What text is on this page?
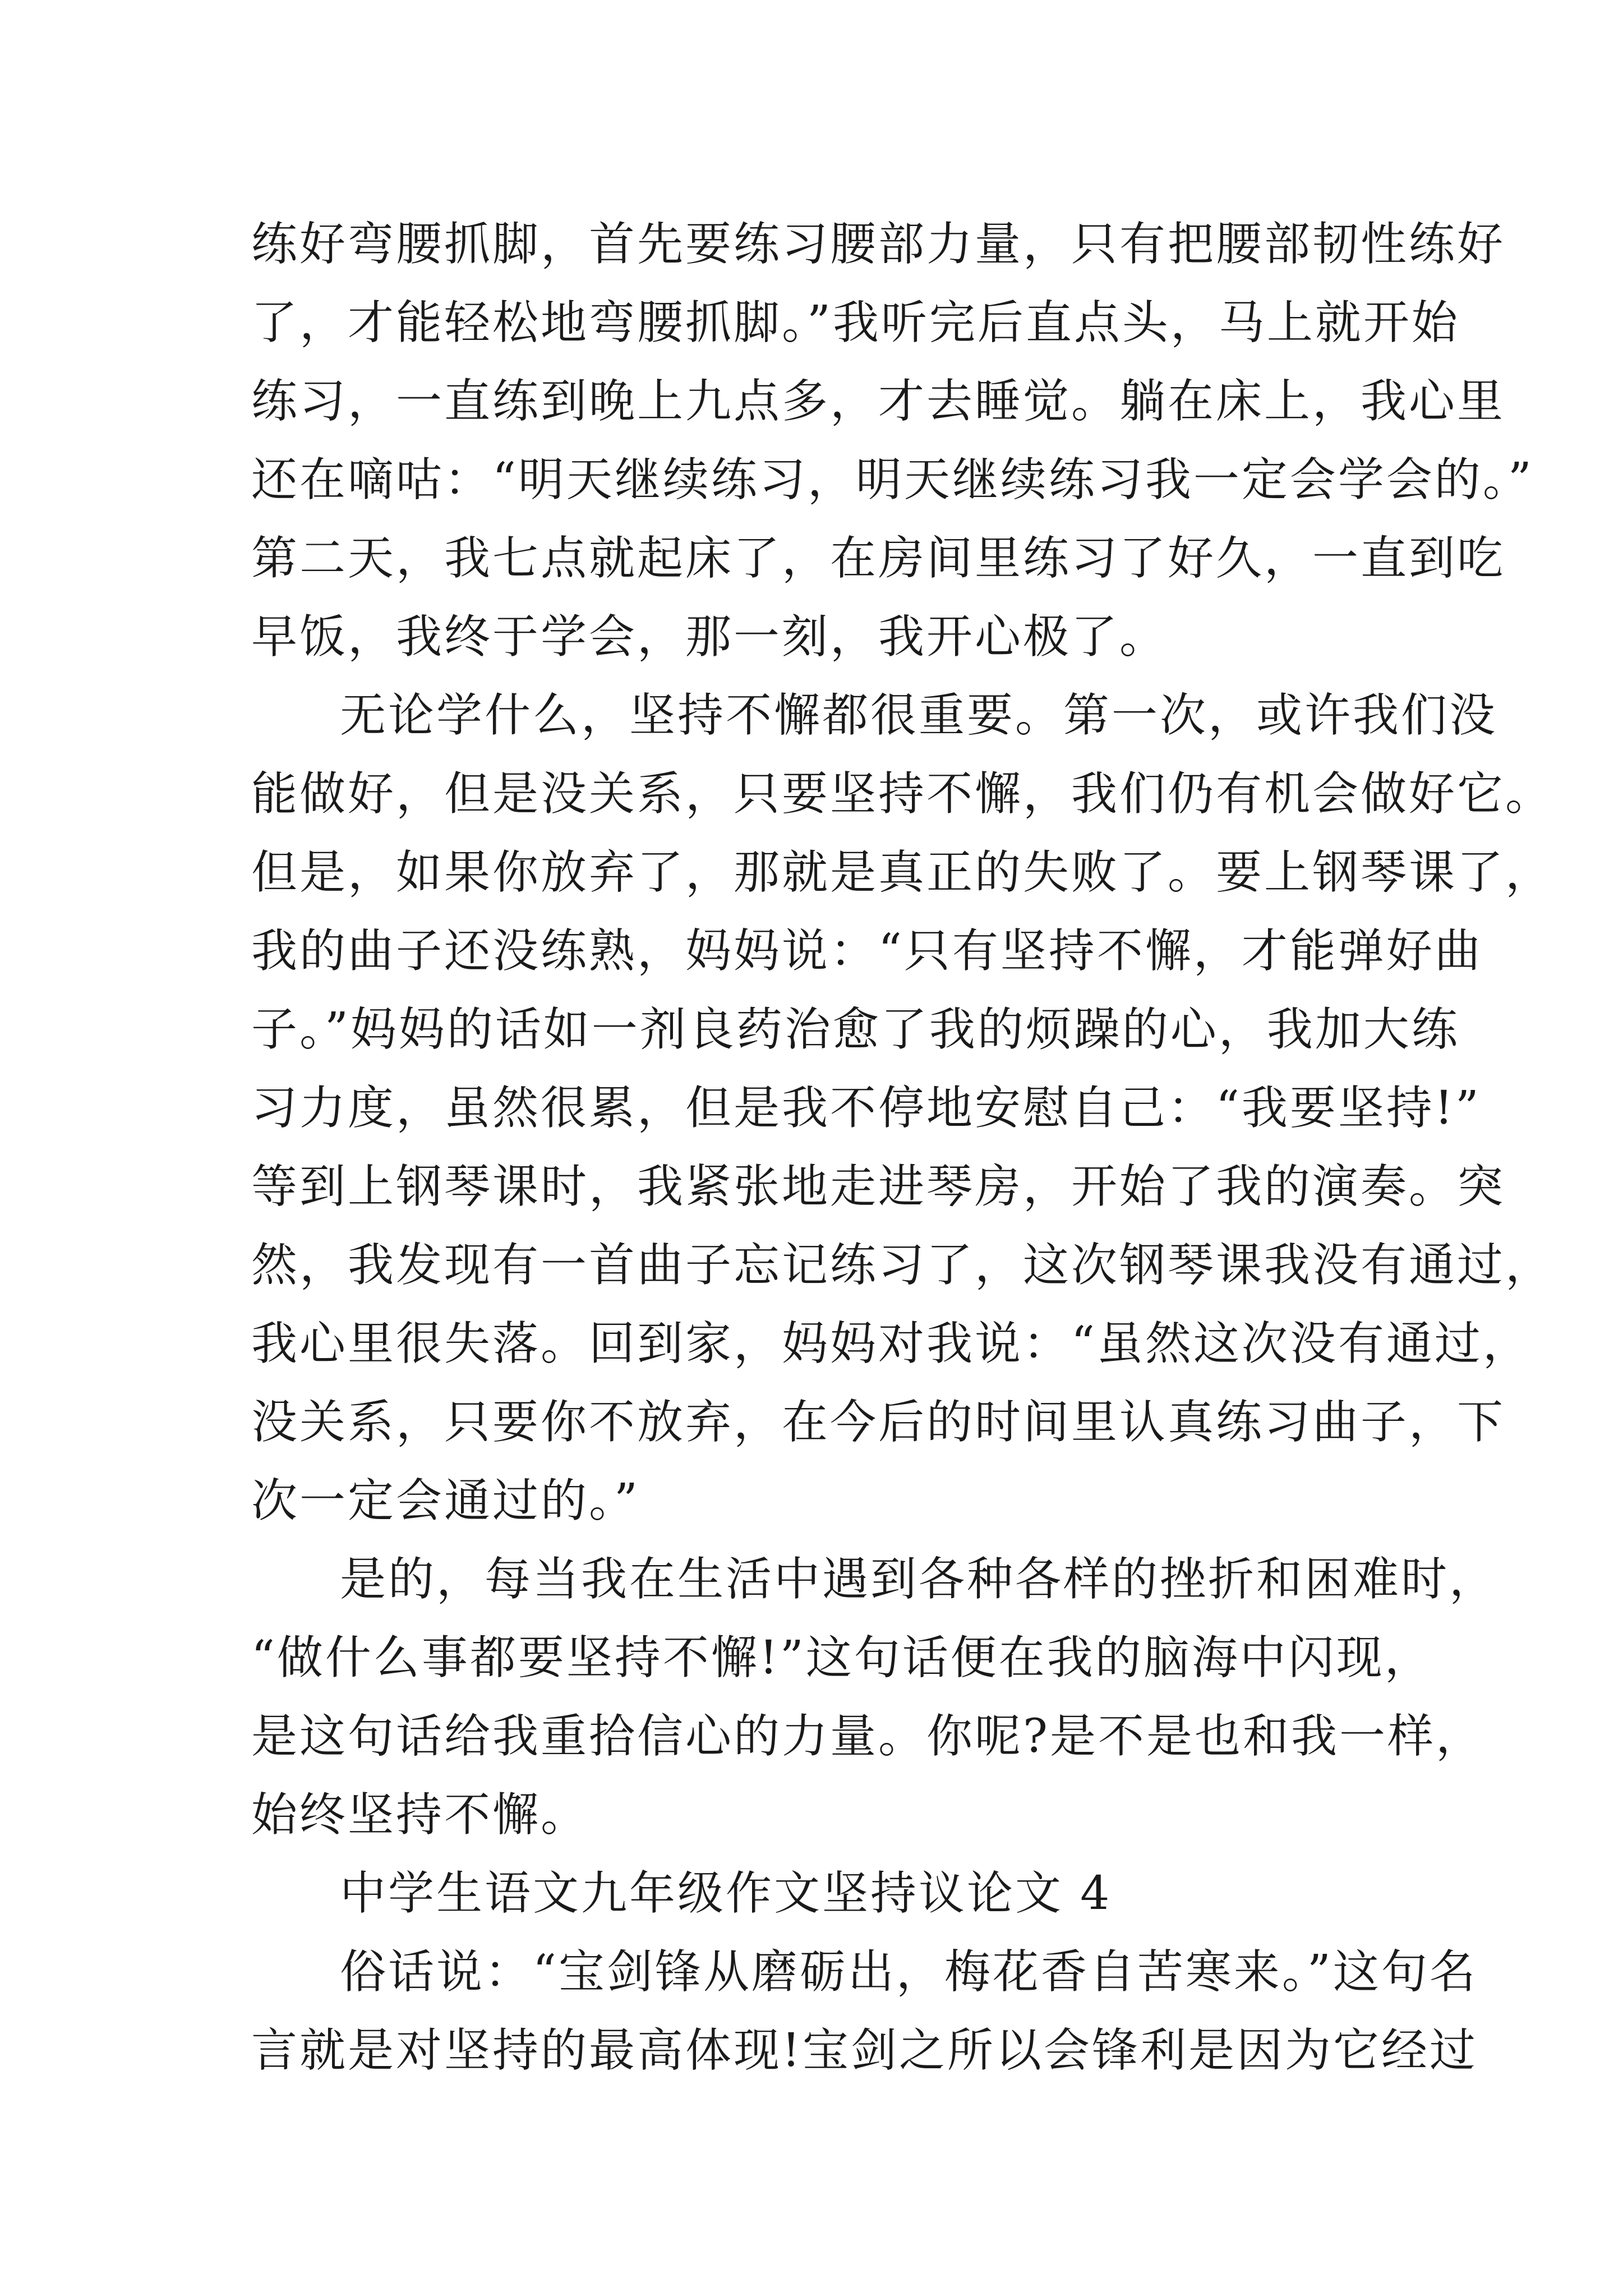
练好弯腰抓脚，首先要练习腰部力量，只有把腰部韧性练好
了，才能轻松地弯腰抓脚。”我听完后直点头，马上就开始
练习，一直练到晚上九点多，才去睡觉。躺在床上，我心里
还在嘀咕：“明天继续练习，明天继续练习我一定会学会的。”
第二天，我七点就起床了，在房间里练习了好久，一直到吃
早饭，我终于学会，那一刻，我开心极了。
无论学什么，坚持不懈都很重要。第一次，或许我们没
能做好，但是没关系，只要坚持不懈，我们仍有机会做好它。
但是，如果你放弃了，那就是真正的失败了。要上钢琴课了，
我的曲子还没练熟，妈妈说：“只有坚持不懈，才能弹好曲
子。”妈妈的话如一剂良药治愈了我的烦躁的心，我加大练
习力度，虽然很累，但是我不停地安慰自己：“我要坚持!”
等到上钢琴课时，我紧张地走进琴房，开始了我的演奏。突
然，我发现有一首曲子忘记练习了，这次钢琴课我没有通过，
我心里很失落。回到家，妈妈对我说：“虽然这次没有通过，
没关系，只要你不放弃，在今后的时间里认真练习曲子，下
次一定会通过的。”
是的，每当我在生活中遇到各种各样的挫折和困难时，
“做什么事都要坚持不懈!”这句话便在我的脑海中闪现，
是这句话给我重拾信心的力量。你呢?是不是也和我一样，
始终坚持不懈。
中学生语文九年级作文坚持议论文 4
俗话说：“宝剑锋从磨砺出，梅花香自苦寒来。”这句名
言就是对坚持的最高体现!宝剑之所以会锋利是因为它经过
